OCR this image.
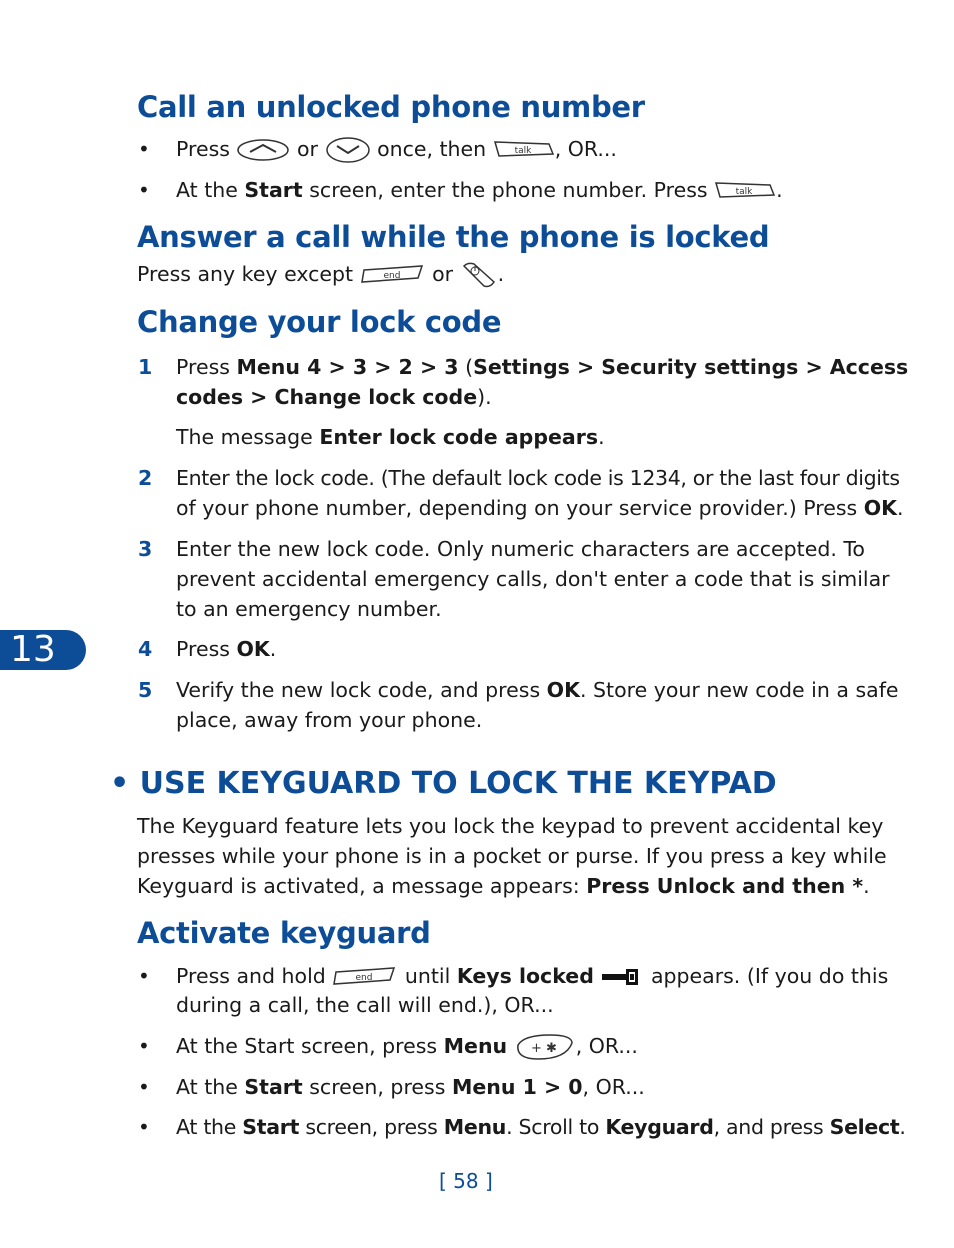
13
Call an unlocked phone number
• Press	or	once, then	talk , OR...
• At the Start screen, enter the phone number. Press	talk .
Answer a call while the phone is locked
Press any key except	end or .
Change your lock code
1 Press Menu 4 > 3 > 2 > 3 (Settings > Security settings > Access
codes > Change lock code).
The message Enter lock code appears.
2 Enter the lock code. (The default lock code is 1234, or the last four digits
of your phone number, depending on your service provider.) Press OK.
3 Enter the new lock code. Only numeric characters are accepted. To
prevent accidental emergency calls, don't enter a code that is similar
to an emergency number.
4 Press OK.
5 Verify the new lock code, and press OK. Store your new code in a safe
place, away from your phone.
• USE KEYGUARD TO LOCK THE KEYPAD
The Keyguard feature lets you lock the keypad to prevent accidental key
presses while your phone is in a pocket or purse. If you press a key while
Keyguard is activated, a message appears: Press Unlock and then *.
Activate keyguard
• Press and hold	end until Keys locked	appears. (If you do this
during a call, the call will end.), OR...
• At the Start screen, press Menu + ✱ , OR...
• At the Start screen, press Menu 1 > 0, OR...
• At the Start screen, press Menu. Scroll to Keyguard, and press Select.
[ 58 ]
